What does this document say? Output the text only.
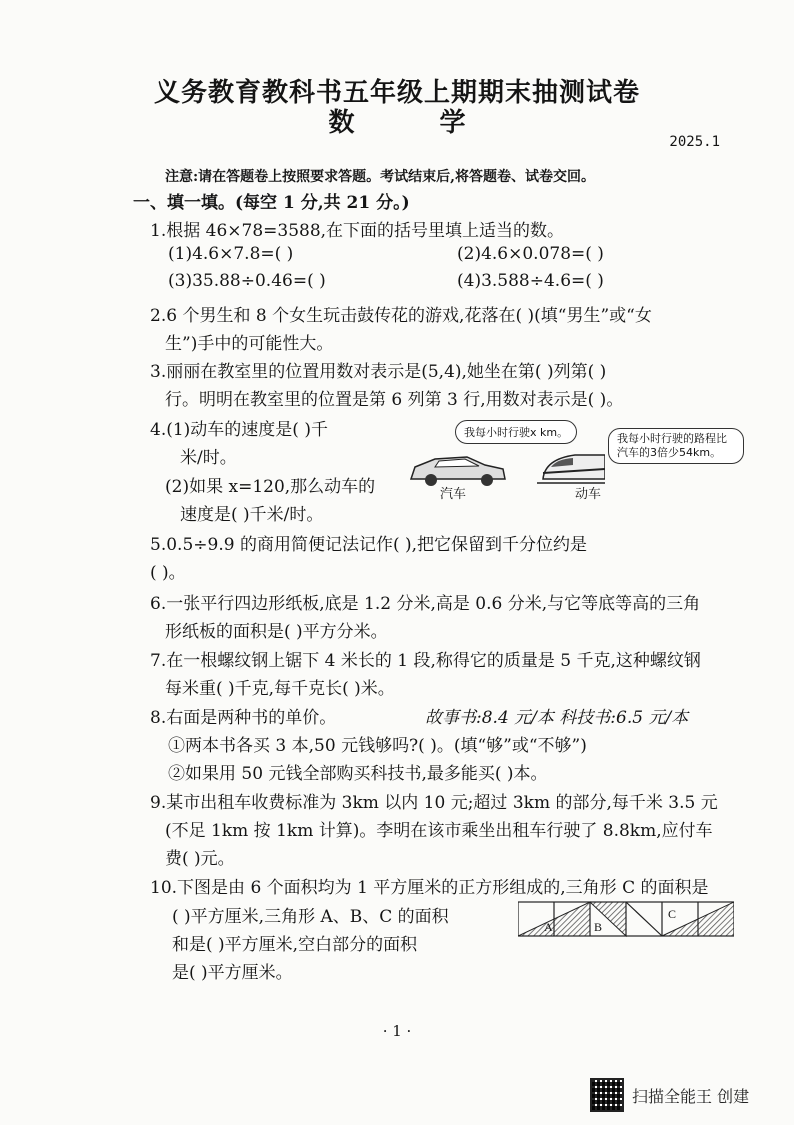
义务教育教科书五年级上期期末抽测试卷
数 学
2025.1
注意:请在答题卷上按照要求答题。考试结束后,将答题卷、试卷交回。
一、填一填。(每空 1 分,共 21 分。)
1.根据 46×78=3588,在下面的括号里填上适当的数。
(1)4.6×7.8=( )	(2)4.6×0.078=( )
(3)35.88÷0.46=( )	(4)3.588÷4.6=( )
2.6 个男生和 8 个女生玩击鼓传花的游戏,花落在( )(填“男生”或“女
生”)手中的可能性大。
3.丽丽在教室里的位置用数对表示是(5,4),她坐在第( )列第( )
行。明明在教室里的位置是第 6 列第 3 行,用数对表示是( )。
4.(1)动车的速度是( )千
米/时。
(2)如果 x=120,那么动车的
速度是( )千米/时。
我每小时行驶x km。	我每小时行驶的路程比汽车的3倍少54km。
汽车	动车
5.0.5÷9.9 的商用简便记法记作( ),把它保留到千分位约是
( )。
6.一张平行四边形纸板,底是 1.2 分米,高是 0.6 分米,与它等底等高的三角
形纸板的面积是( )平方分米。
7.在一根螺纹钢上锯下 4 米长的 1 段,称得它的质量是 5 千克,这种螺纹钢
每米重( )千克,每千克长( )米。
8.右面是两种书的单价。	故事书:8.4 元/本 科技书:6.5 元/本
①两本书各买 3 本,50 元钱够吗?( )。(填“够”或“不够”)
②如果用 50 元钱全部购买科技书,最多能买( )本。
9.某市出租车收费标准为 3km 以内 10 元;超过 3km 的部分,每千米 3.5 元
(不足 1km 按 1km 计算)。李明在该市乘坐出租车行驶了 8.8km,应付车
费( )元。
10.下图是由 6 个面积均为 1 平方厘米的正方形组成的,三角形 C 的面积是
( )平方厘米,三角形 A、B、C 的面积
和是( )平方厘米,空白部分的面积
是( )平方厘米。
A	B
C
· 1 ·
扫描全能王 创建
